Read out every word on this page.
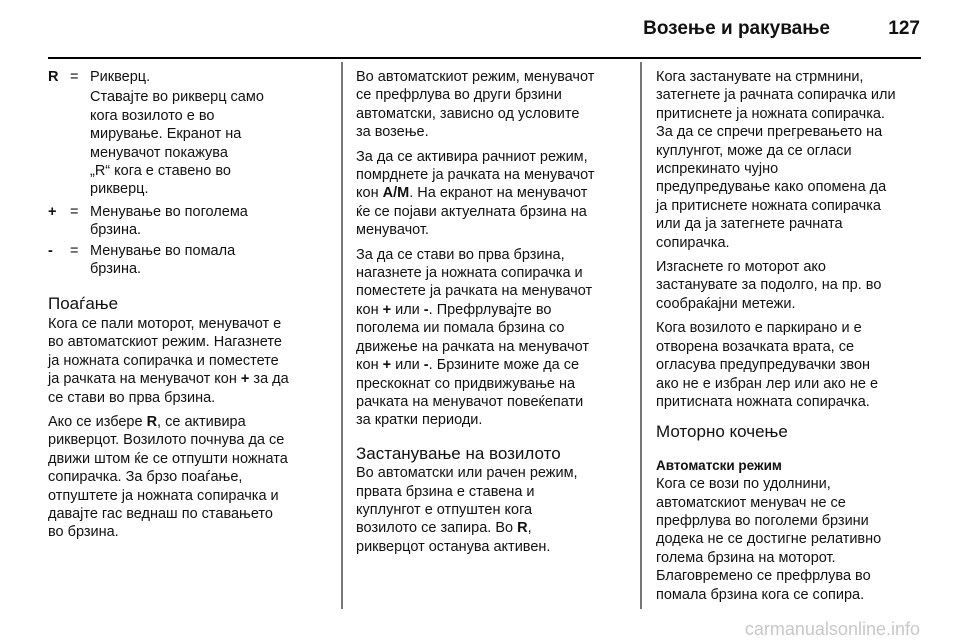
Возење и ракување	127
R = Рикверц.
Ставајте во рикверц само
кога возилото е во
мирување. Екранот на
менувачот покажува
„R“ кога е ставено во
рикверц.
+ = Менување во поголема
брзина.
-	= Менување во помала
брзина.
Поаѓање

Кога се пали моторот, менувачот е
во автоматскиот режим. Нагазнете
ја ножната сопирачка и поместете
ја рачката на менувачот кон + за да
се стави во прва брзина.

Ако се избере R, се активира
рикверцот. Возилото почнува да се
движи штом ќе се отпушти ножната
сопирачка. За брзо поаѓање,
отпуштете ја ножната сопирачка и
давајте гас веднаш по ставањето
во брзина.

Во автоматскиот режим, менувачот
се префрлува во други брзини
автоматски, зависно од условите
за возење.

За да се активира рачниот режим,
помрднете ја рачката на менувачот
кон A/M. На екранот на менувачот
ќе се појави актуелната брзина на
менувачот.

За да се стави во прва брзина,
нагазнете ја ножната сопирачка и
поместете ја рачката на менувачот
кон + или -. Префрлувајте во
поголема ии помала брзина со
движење на рачката на менувачот
кон + или -. Брзините може да се
прескокнат со придвижување на
рачката на менувачот повеќепати
за кратки периоди.

Застанување на возилото

Во автоматски или рачен режим,
првата брзина е ставена и
куплунгот е отпуштен кога
возилото се запира. Во R,
рикверцот останува активен.

Кога застанувате на стрмнини,
затегнете ја рачната сопирачка или
притиснете ја ножната сопирачка.
За да се спречи прегревањето на
куплунгот, може да се огласи
испрекинато чујно
предупредување како опомена да
ја притиснете ножната сопирачка
или да ја затегнете рачната
сопирачка.

Изгаснете го моторот ако
застанувате за подолго, на пр. во
сообраќајни метежи.

Кога возилото е паркирано и е
отворена возачката врата, се
огласува предупредувачки звон
ако не е избран лер или ако не е
притисната ножната сопирачка.

Моторно кочење
Автоматски режим

Кога се вози по удолнини,
автоматскиот менувач не се
префрлува во поголеми брзини
додека не се достигне релативно
голема брзина на моторот.
Благовремено се префрлува во
помала брзина кога се сопира.

carmanualsonline.info
